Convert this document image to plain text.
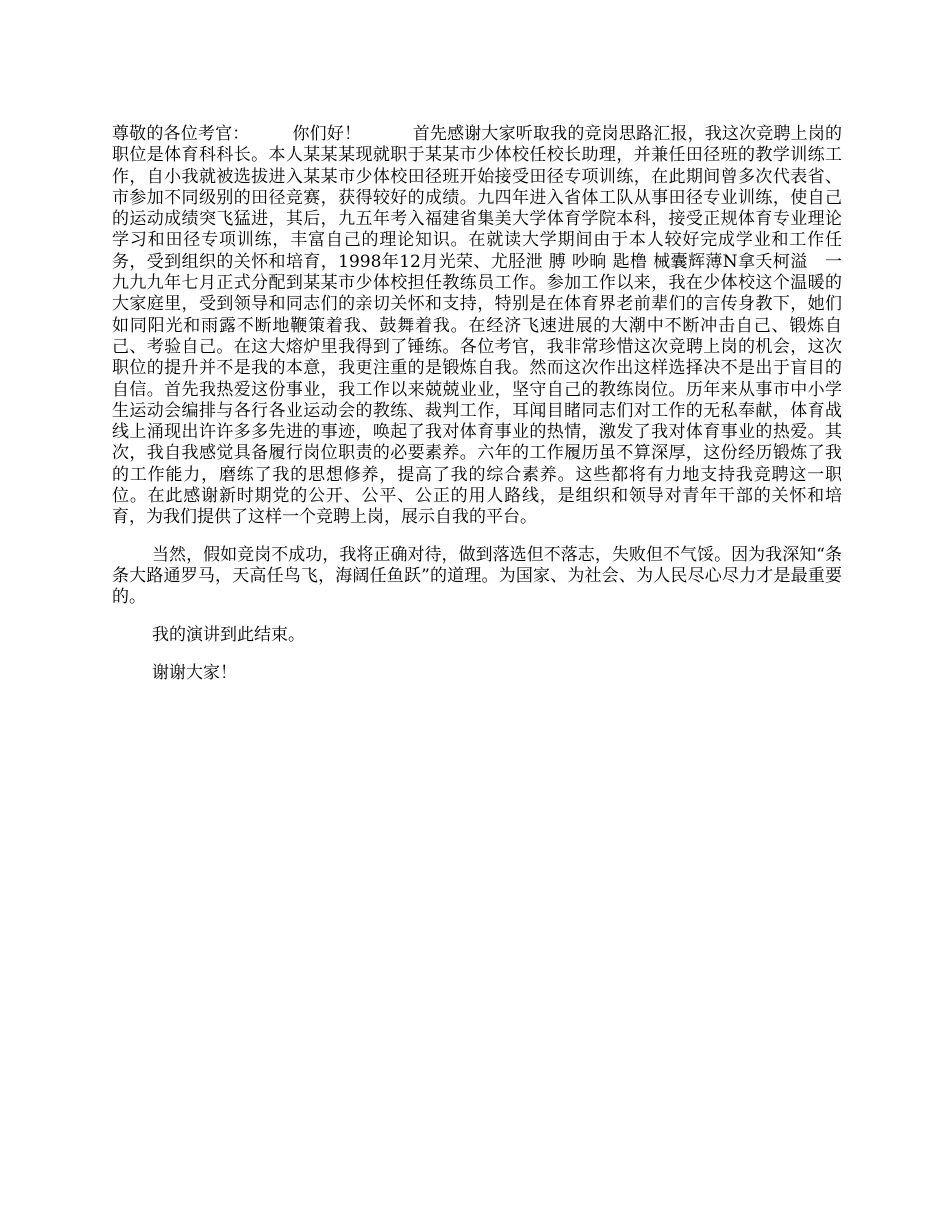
尊敬的各位考官：　　　你们好！　　　首先感谢大家听取我的竞岗思路汇报，我这次竞聘上岗的职位是体育科科长。本人某某某现就职于某某市少体校任校长助理，并兼任田径班的教学训练工作，自小我就被选拔进入某某市少体校田径班开始接受田径专项训练，在此期间曾多次代表省、市参加不同级别的田径竞赛，获得较好的成绩。九四年进入省体工队从事田径专业训练，使自己的运动成绩突飞猛进，其后，九五年考入福建省集美大学体育学院本科，接受正规体育专业理论学习和田径专项训练，丰富自己的理论知识。在就读大学期间由于本人较好完成学业和工作任务，受到组织的关怀和培育，1998年12月光荣、尤胫泄 膊 吵晌 匙橹 械囊辉薄N拿夭柯溢　一九九九年七月正式分配到某某市少体校担任教练员工作。参加工作以来，我在少体校这个温暖的大家庭里，受到领导和同志们的亲切关怀和支持，特别是在体育界老前辈们的言传身教下，她们如同阳光和雨露不断地鞭策着我、鼓舞着我。在经济飞速进展的大潮中不断冲击自己、锻炼自己、考验自己。在这大熔炉里我得到了锤练。各位考官，我非常珍惜这次竞聘上岗的机会，这次职位的提升并不是我的本意，我更注重的是锻炼自我。然而这次作出这样选择决不是出于盲目的自信。首先我热爱这份事业，我工作以来兢兢业业，坚守自己的教练岗位。历年来从事市中小学生运动会编排与各行各业运动会的教练、裁判工作，耳闻目睹同志们对工作的无私奉献，体育战线上涌现出许许多多先进的事迹，唤起了我对体育事业的热情，激发了我对体育事业的热爱。其次，我自我感觉具备履行岗位职责的必要素养。六年的工作履历虽不算深厚，这份经历锻炼了我的工作能力，磨练了我的思想修养，提高了我的综合素养。这些都将有力地支持我竞聘这一职位。在此感谢新时期党的公开、公平、公正的用人路线，是组织和领导对青年干部的关怀和培育，为我们提供了这样一个竞聘上岗，展示自我的平台。

当然，假如竞岗不成功，我将正确对待，做到落选但不落志，失败但不气馁。因为我深知“条条大路通罗马，天高任鸟飞，海阔任鱼跃”的道理。为国家、为社会、为人民尽心尽力才是最重要的。

我的演讲到此结束。

谢谢大家！
